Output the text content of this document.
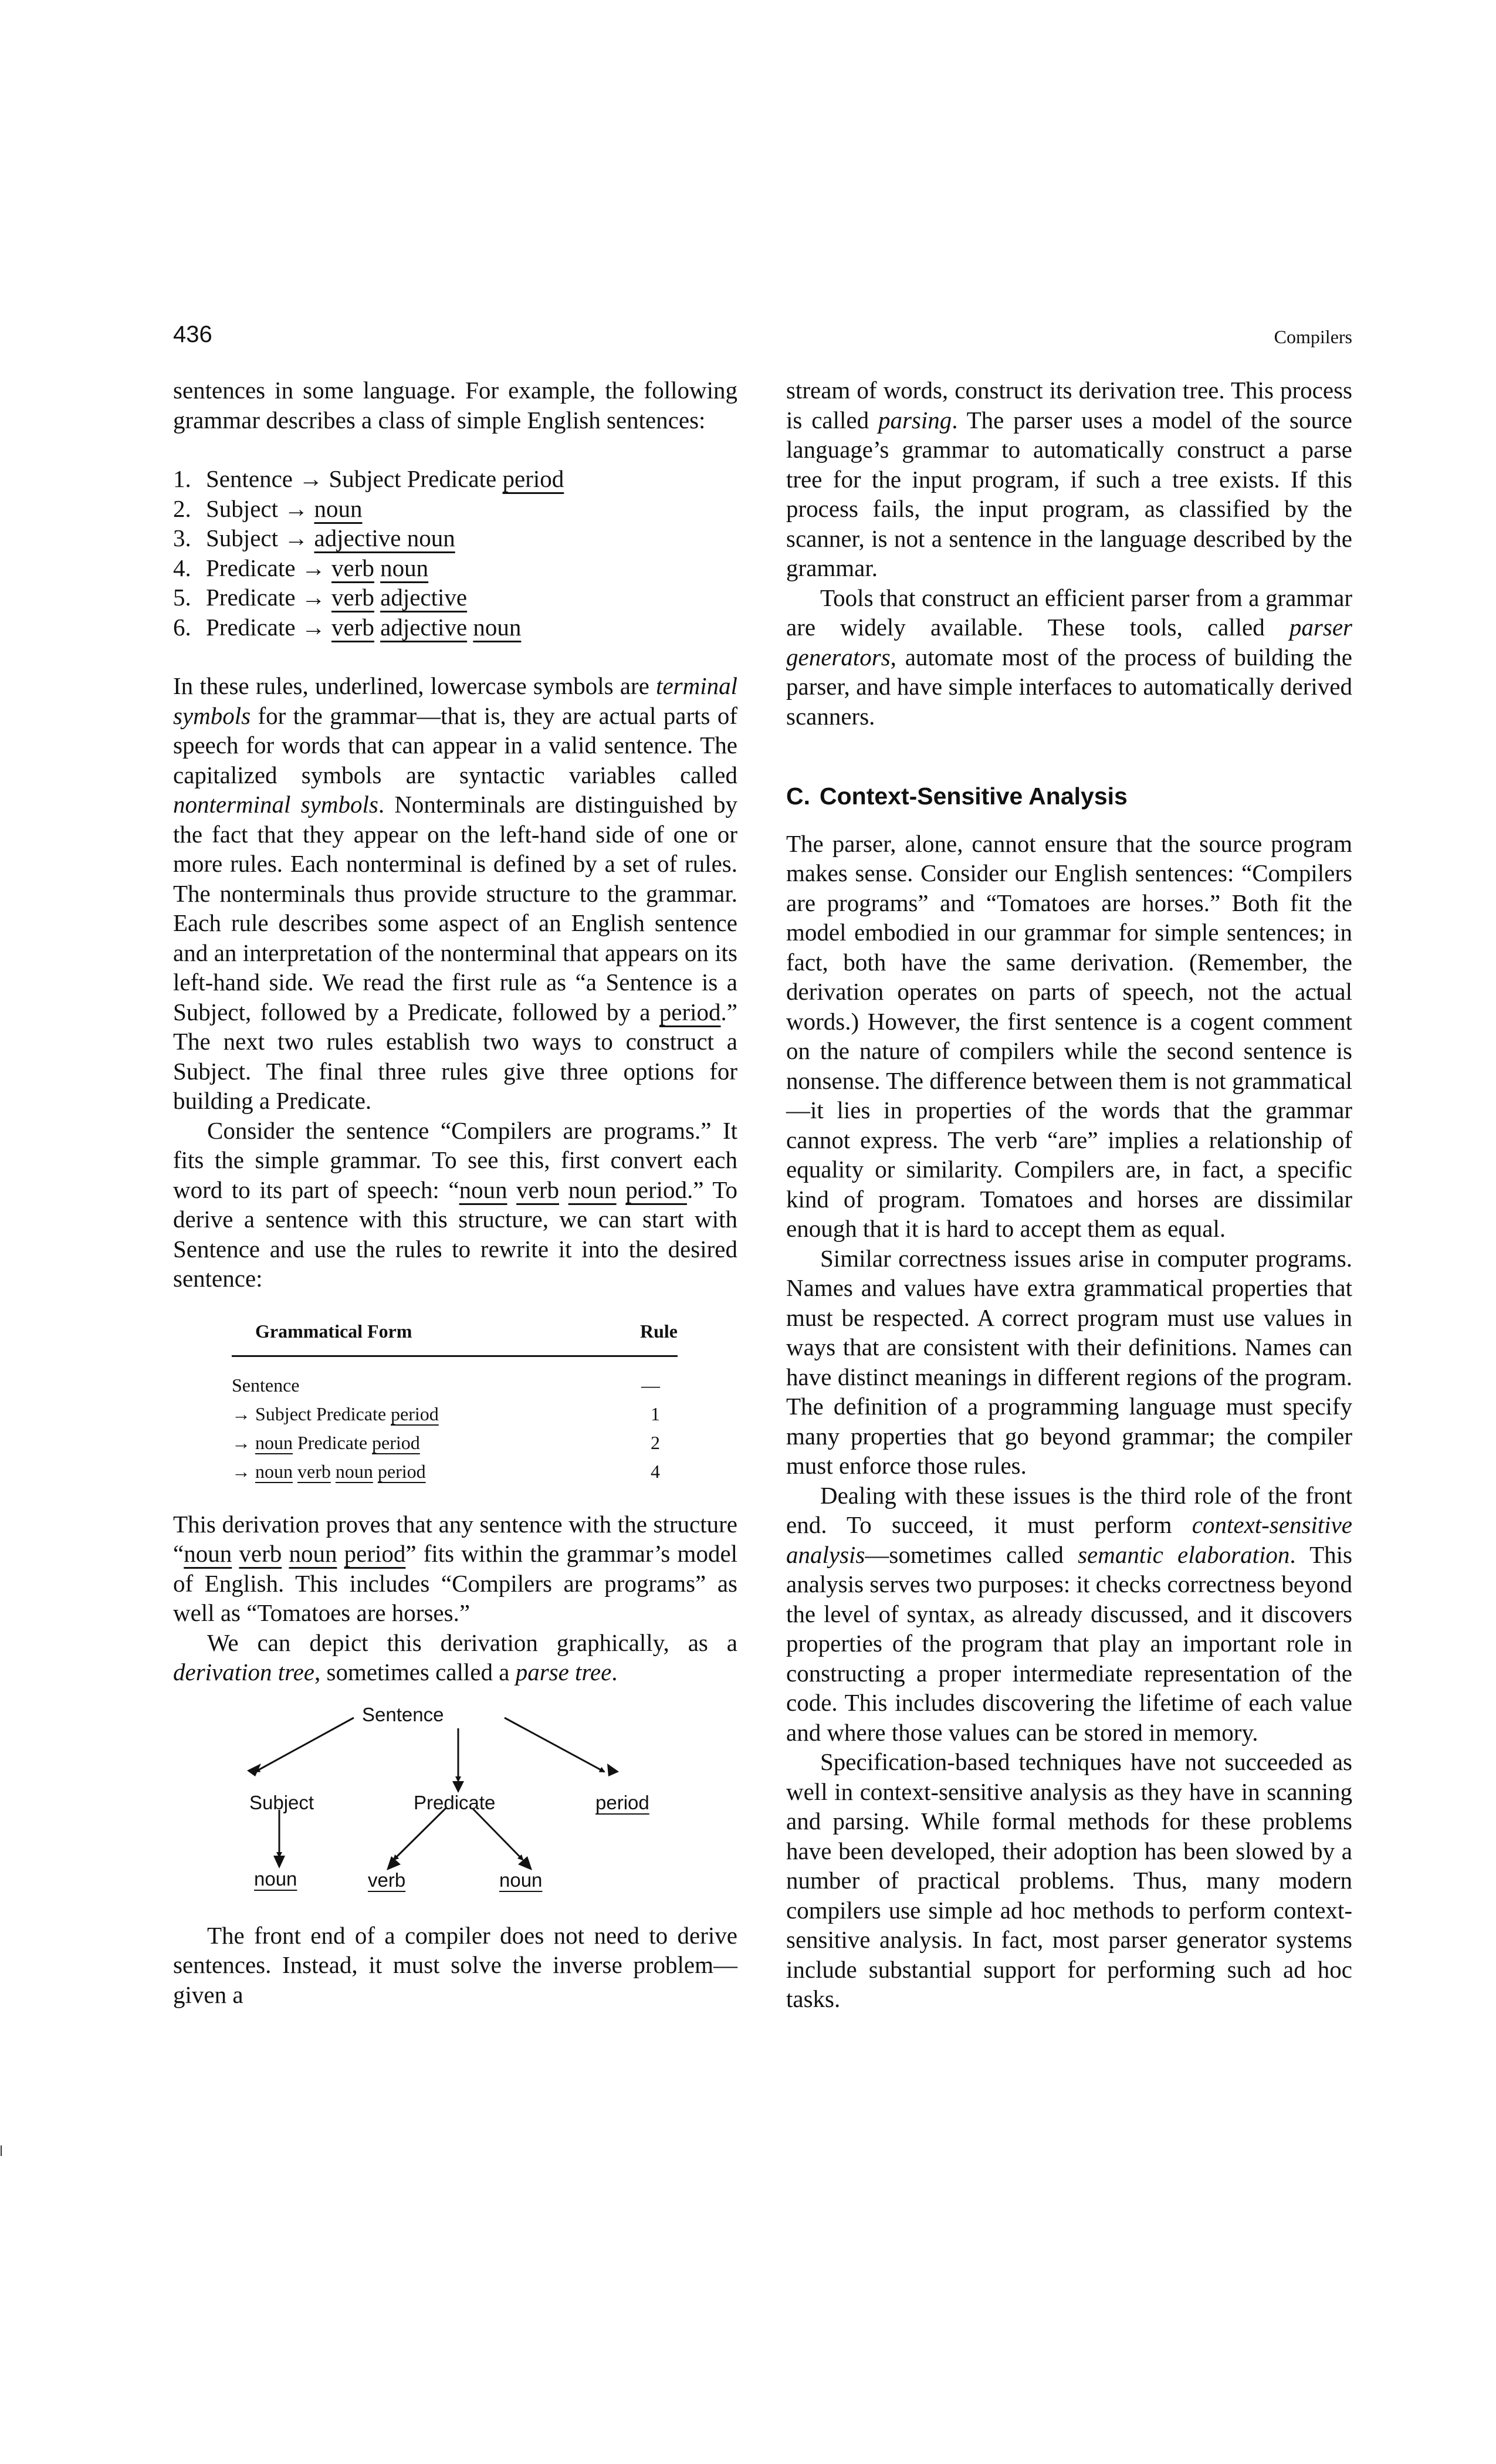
436	Compilers

sentences in some language. For example, the following grammar describes a class of simple English sentences:

1. Sentence → Subject Predicate period
2. Subject → noun
3. Subject → adjective noun
4. Predicate → verb noun
5. Predicate → verb adjective
6. Predicate → verb adjective noun

In these rules, underlined, lowercase symbols are terminal symbols for the grammar—that is, they are actual parts of speech for words that can appear in a valid sentence. The capitalized symbols are syntactic variables called nonterminal symbols. Nonterminals are distinguished by the fact that they appear on the left-hand side of one or more rules. Each nonterminal is defined by a set of rules. The nonterminals thus provide structure to the grammar. Each rule describes some aspect of an English sentence and an interpretation of the nonterminal that appears on its left-hand side. We read the first rule as “a Sentence is a Subject, followed by a Predicate, followed by a period.” The next two rules establish two ways to construct a Subject. The final three rules give three options for building a Predicate.

Consider the sentence “Compilers are programs.” It fits the simple grammar. To see this, first convert each word to its part of speech: “noun verb noun period.” To derive a sentence with this structure, we can start with Sentence and use the rules to rewrite it into the desired sentence:

Grammatical Form	Rule
Sentence	—
→ Subject Predicate period	1
→ noun Predicate period	2
→ noun verb noun period	4

This derivation proves that any sentence with the structure “noun verb noun period” fits within the grammar’s model of English. This includes “Compilers are programs” as well as “Tomatoes are horses.”

We can depict this derivation graphically, as a derivation tree, sometimes called a parse tree.

Sentence
Subject	Predicate	period
noun	verb	noun

The front end of a compiler does not need to derive sentences. Instead, it must solve the inverse problem—given a

stream of words, construct its derivation tree. This process is called parsing. The parser uses a model of the source language’s grammar to automatically construct a parse tree for the input program, if such a tree exists. If this process fails, the input program, as classified by the scanner, is not a sentence in the language described by the grammar.

Tools that construct an efficient parser from a grammar are widely available. These tools, called parser generators, automate most of the process of building the parser, and have simple interfaces to automatically derived scanners.

C. Context-Sensitive Analysis

The parser, alone, cannot ensure that the source program makes sense. Consider our English sentences: “Compilers are programs” and “Tomatoes are horses.” Both fit the model embodied in our grammar for simple sentences; in fact, both have the same derivation. (Remember, the derivation operates on parts of speech, not the actual words.) However, the first sentence is a cogent comment on the nature of compilers while the second sentence is nonsense. The difference between them is not grammatical—it lies in properties of the words that the grammar cannot express. The verb “are” implies a relationship of equality or similarity. Compilers are, in fact, a specific kind of program. Tomatoes and horses are dissimilar enough that it is hard to accept them as equal.

Similar correctness issues arise in computer programs. Names and values have extra grammatical properties that must be respected. A correct program must use values in ways that are consistent with their definitions. Names can have distinct meanings in different regions of the program. The definition of a programming language must specify many properties that go beyond grammar; the compiler must enforce those rules.

Dealing with these issues is the third role of the front end. To succeed, it must perform context-sensitive analysis—sometimes called semantic elaboration. This analysis serves two purposes: it checks correctness beyond the level of syntax, as already discussed, and it discovers properties of the program that play an important role in constructing a proper intermediate representation of the code. This includes discovering the lifetime of each value and where those values can be stored in memory.

Specification-based techniques have not succeeded as well in context-sensitive analysis as they have in scanning and parsing. While formal methods for these problems have been developed, their adoption has been slowed by a number of practical problems. Thus, many modern compilers use simple ad hoc methods to perform context-sensitive analysis. In fact, most parser generator systems include substantial support for performing such ad hoc tasks.
